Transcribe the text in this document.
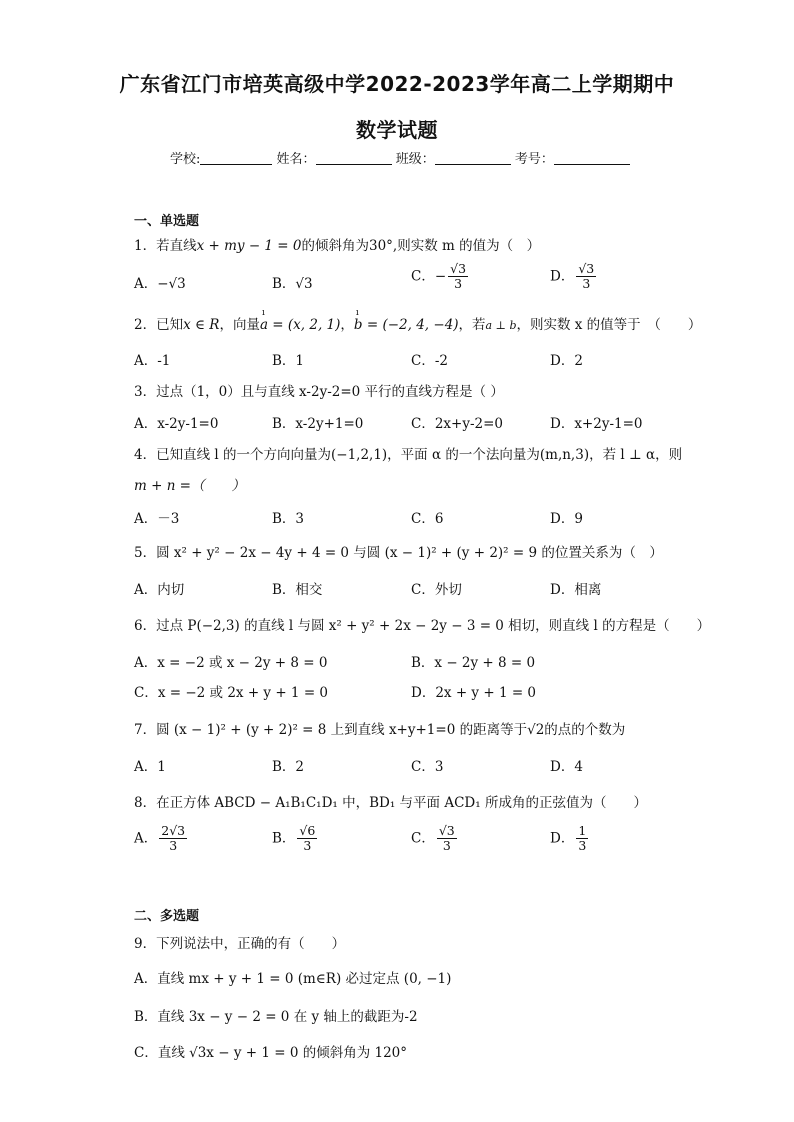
广东省江门市培英高级中学2022-2023学年高二上学期期中
数学试题
学校:	姓名：	班级：	考号：
一、单选题
1．若直线x + my − 1 = 0的倾斜角为30°,则实数 m 的值为（　）
A．−√3	B．√3	C．− $\frac{√3}{3}$	D． $\frac{√3}{3}$
2．已知x ∈ R，向量ı a = (x, 2, 1)，ı b = (−2, 4, −4)，若a ⊥ b，则实数 x 的值等于　（　　）
A．-1	B．1	C．-2	D．2
3．过点（1，0）且与直线 x-2y-2=0 平行的直线方程是（ ）
A．x-2y-1=0	B．x-2y+1=0	C．2x+y-2=0	D．x+2y-1=0
4．已知直线 l 的一个方向向量为(−1,2,1)，平面 α 的一个法向量为(m,n,3)，若 l ⊥ α，则
m + n =（　　）
A．－3	B．3	C．6	D．9
5．圆 x² + y² − 2x − 4y + 4 = 0 与圆 (x − 1)² + (y + 2)² = 9 的位置关系为（　）
A．内切	B．相交	C．外切	D．相离
6．过点 P(−2,3) 的直线 l 与圆 x² + y² + 2x − 2y − 3 = 0 相切，则直线 l 的方程是（　　）
A．x = −2 或 x − 2y + 8 = 0	B．x − 2y + 8 = 0
C．x = −2 或 2x + y + 1 = 0	D．2x + y + 1 = 0
7．圆 (x − 1)² + (y + 2)² = 8 上到直线 x+y+1=0 的距离等于√2的点的个数为
A．1	B．2	C．3	D．4
8．在正方体 ABCD − A₁B₁C₁D₁ 中，BD₁ 与平面 ACD₁ 所成角的正弦值为（　　）
A． $\frac{2√3}{3}$	B． $\frac{√6}{3}$	C． $\frac{√3}{3}$	D． $\frac{1}{3}$
二、多选题
9．下列说法中，正确的有（　　）
A．直线 mx + y + 1 = 0 (m∈R) 必过定点 (0, −1)
B．直线 3x − y − 2 = 0 在 y 轴上的截距为-2
C．直线 √3x − y + 1 = 0 的倾斜角为 120°
